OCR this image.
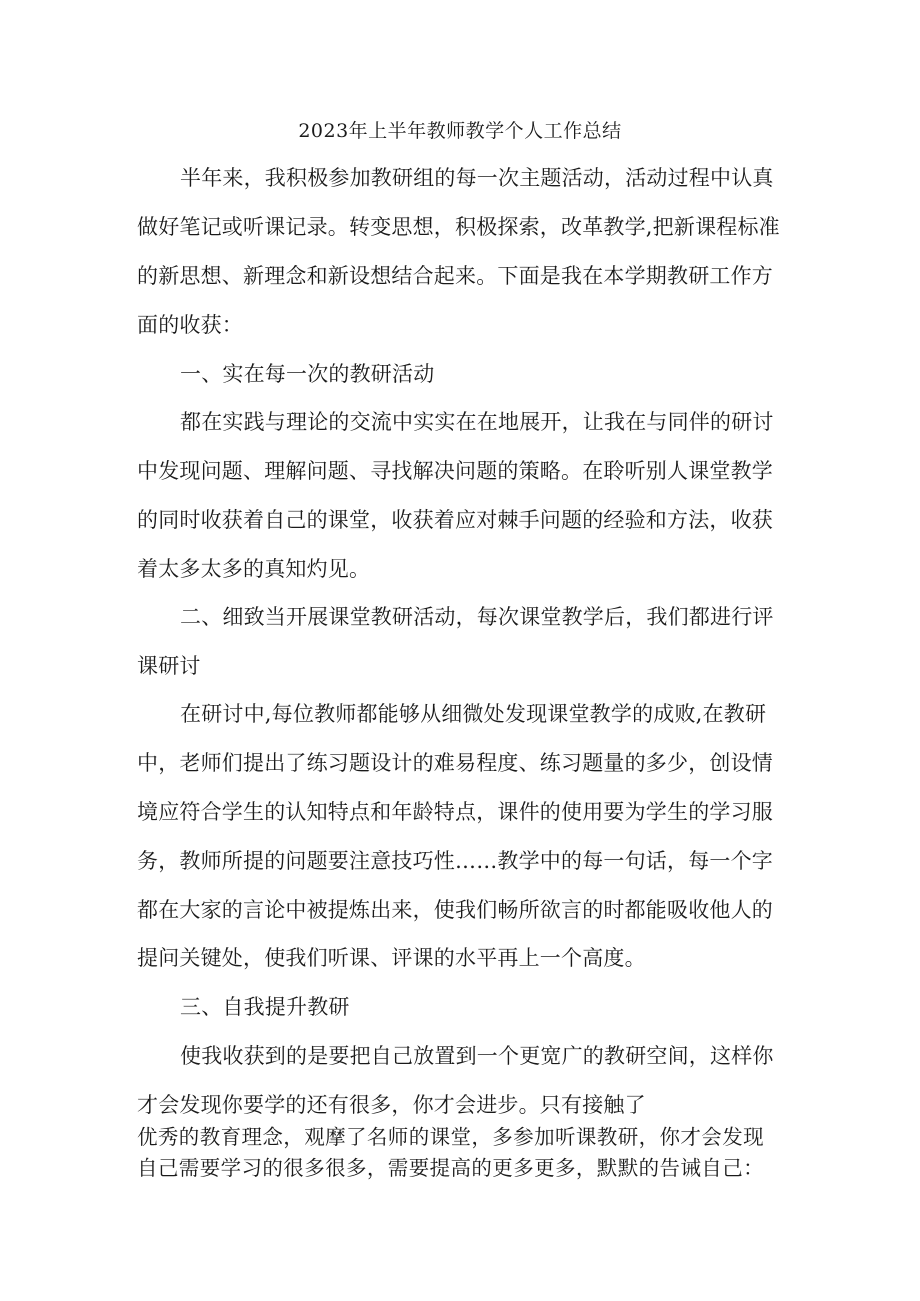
2023年上半年教师教学个人工作总结
半年来，我积极参加教研组的每一次主题活动，活动过程中认真
做好笔记或听课记录。转变思想，积极探索，改革教学,把新课程标准
的新思想、新理念和新设想结合起来。下面是我在本学期教研工作方
面的收获：
一、实在每一次的教研活动
都在实践与理论的交流中实实在在地展开，让我在与同伴的研讨
中发现问题、理解问题、寻找解决问题的策略。在聆听别人课堂教学
的同时收获着自己的课堂，收获着应对棘手问题的经验和方法，收获
着太多太多的真知灼见。
二、细致当开展课堂教研活动，每次课堂教学后，我们都进行评
课研讨
在研讨中,每位教师都能够从细微处发现课堂教学的成败,在教研
中，老师们提出了练习题设计的难易程度、练习题量的多少，创设情
境应符合学生的认知特点和年龄特点，课件的使用要为学生的学习服
务，教师所提的问题要注意技巧性……教学中的每一句话，每一个字
都在大家的言论中被提炼出来，使我们畅所欲言的时都能吸收他人的
提问关键处，使我们听课、评课的水平再上一个高度。
三、自我提升教研
使我收获到的是要把自己放置到一个更宽广的教研空间，这样你
才会发现你要学的还有很多，你才会进步。只有接触了
优秀的教育理念，观摩了名师的课堂，多参加听课教研，你才会发现
自己需要学习的很多很多，需要提高的更多更多，默默的告诫自己：
